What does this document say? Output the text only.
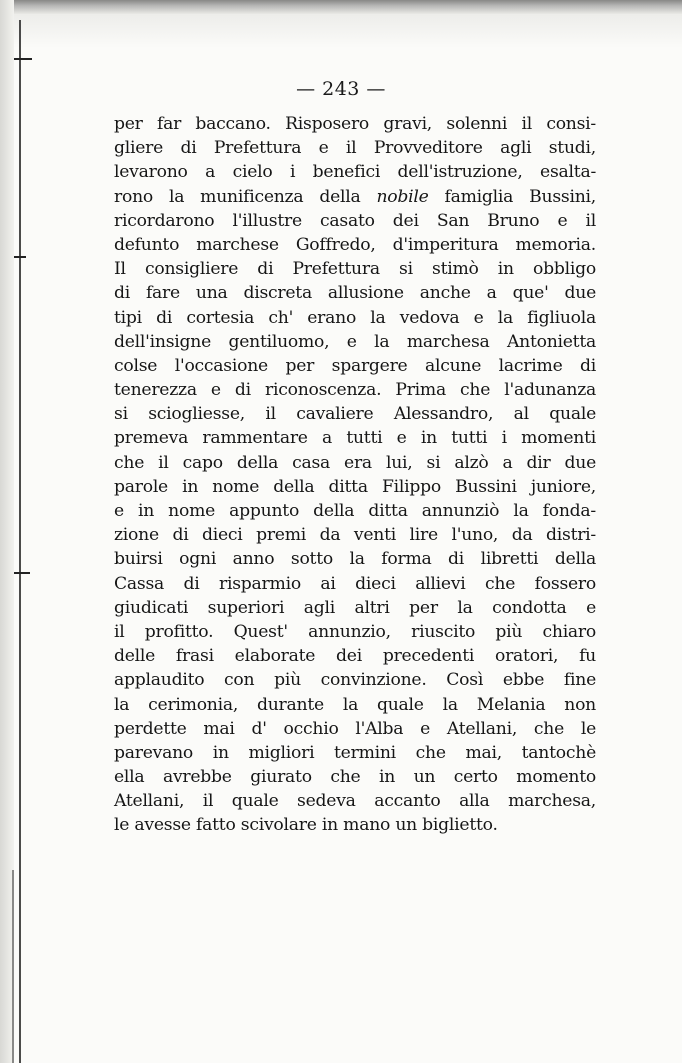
— 243 —
per far baccano. Risposero gravi, solenni il consi-
gliere di Prefettura e il Provveditore agli studi,
levarono a cielo i benefici dell'istruzione, esalta-
rono la munificenza della nobile famiglia Bussini,
ricordarono l'illustre casato dei San Bruno e il
defunto marchese Goffredo, d'imperitura memoria.
Il consigliere di Prefettura si stimò in obbligo
di fare una discreta allusione anche a que' due
tipi di cortesia ch' erano la vedova e la figliuola
dell'insigne gentiluomo, e la marchesa Antonietta
colse l'occasione per spargere alcune lacrime di
tenerezza e di riconoscenza. Prima che l'adunanza
si sciogliesse, il cavaliere Alessandro, al quale
premeva rammentare a tutti e in tutti i momenti
che il capo della casa era lui, si alzò a dir due
parole in nome della ditta Filippo Bussini juniore,
e in nome appunto della ditta annunziò la fonda-
zione di dieci premi da venti lire l'uno, da distri-
buirsi ogni anno sotto la forma di libretti della
Cassa di risparmio ai dieci allievi che fossero
giudicati superiori agli altri per la condotta e
il profitto. Quest' annunzio, riuscito più chiaro
delle frasi elaborate dei precedenti oratori, fu
applaudito con più convinzione. Così ebbe fine
la cerimonia, durante la quale la Melania non
perdette mai d' occhio l'Alba e Atellani, che le
parevano in migliori termini che mai, tantochè
ella avrebbe giurato che in un certo momento
Atellani, il quale sedeva accanto alla marchesa,
le avesse fatto scivolare in mano un biglietto.
